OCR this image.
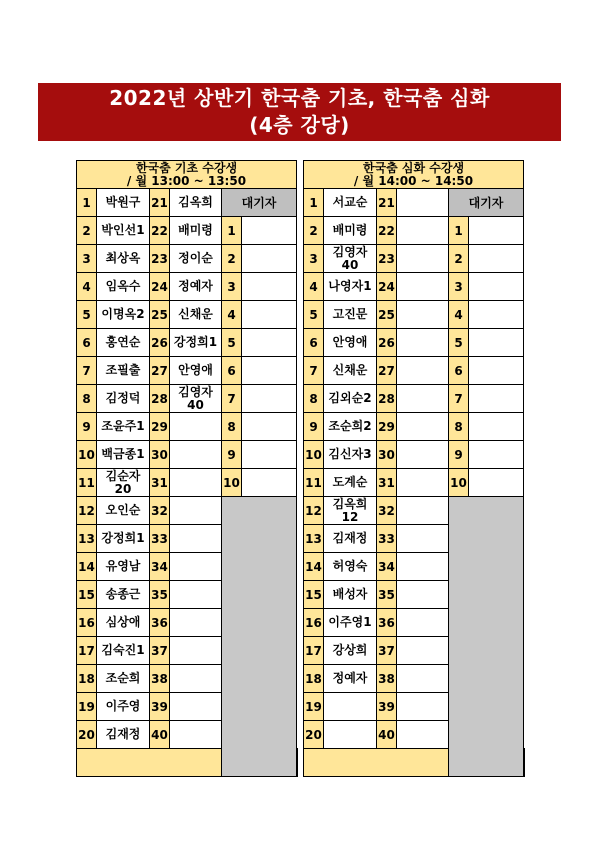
2022년 상반기 한국춤 기초, 한국춤 심화
(4층 강당)
한국춤 기초 수강생
/ 월 13:00 ~ 13:50						

1	박원구	21	김옥희	대기자		
2	박인선1	22	배미령	1		
3	최상옥	23	정이순	2		
4	임옥수	24	정예자	3		
5	이명옥2	25	신채운	4		
6	홍연순	26	강정희1	5		
7	조필출	27	안영애	6		
8	김정덕	28	김영자 40	7		
9	조윤주1	29		8		
10	백금종1	30		9		
11	김순자 20	31		10		
12	오인순	32				
13	강정희1	33				
14	유영남	34				
15	송종근	35				
16	심상애	36				
17	김숙진1	37				
18	조순희	38				
19	이주영	39				
20	김재정	40				

한국춤 심화 수강생
/ 월 14:00 ~ 14:50						

1	서교순	21		대기자		
2	배미령	22		1		
3	김영자 40	23		2		
4	나영자1	24		3		
5	고진문	25		4		
6	안영애	26		5		
7	신채운	27		6		
8	김외순2	28		7		
9	조순희2	29		8		
10	김신자3	30		9		
11	도계순	31		10		
12	김옥희 12	32				
13	김재정	33				
14	허영숙	34				
15	배성자	35				
16	이주영1	36				
17	강상희	37				
18	정예자	38				
19		39				
20		40				
